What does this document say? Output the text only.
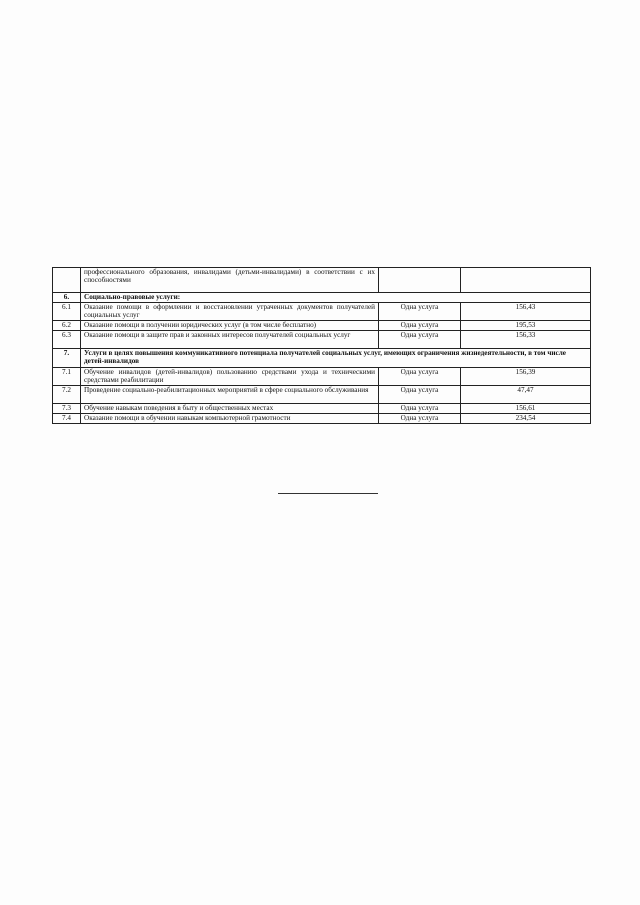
	профессионального образования, инвалидами (детьми-инвалидами) в соответствии с их способностями		
6.	Социально-правовые услуги:		
6.1	Оказание помощи в оформлении и восстановлении утраченных документов получателей социальных услуг	Одна услуга	156,43
6.2	Оказание помощи в получении юридических услуг (в том числе бесплатно)	Одна услуга	195,53
6.3	Оказание помощи в защите прав и законных интересов получателей социальных услуг	Одна услуга	156,33
7.	Услуги в целях повышения коммуникативного потенциала получателей социальных услуг, имеющих ограничения жизнедеятельности, в том числе детей-инвалидов		
7.1	Обучение инвалидов (детей-инвалидов) пользованию средствами ухода и техническими средствами реабилитации	Одна услуга	156,39
7.2	Проведение социально-реабилитационных мероприятий в сфере социального обслуживания	Одна услуга	47,47
7.3	Обучение навыкам поведения в быту и общественных местах	Одна услуга	156,61
7.4	Оказание помощи в обучении навыкам компьютерной грамотности	Одна услуга	234,54
